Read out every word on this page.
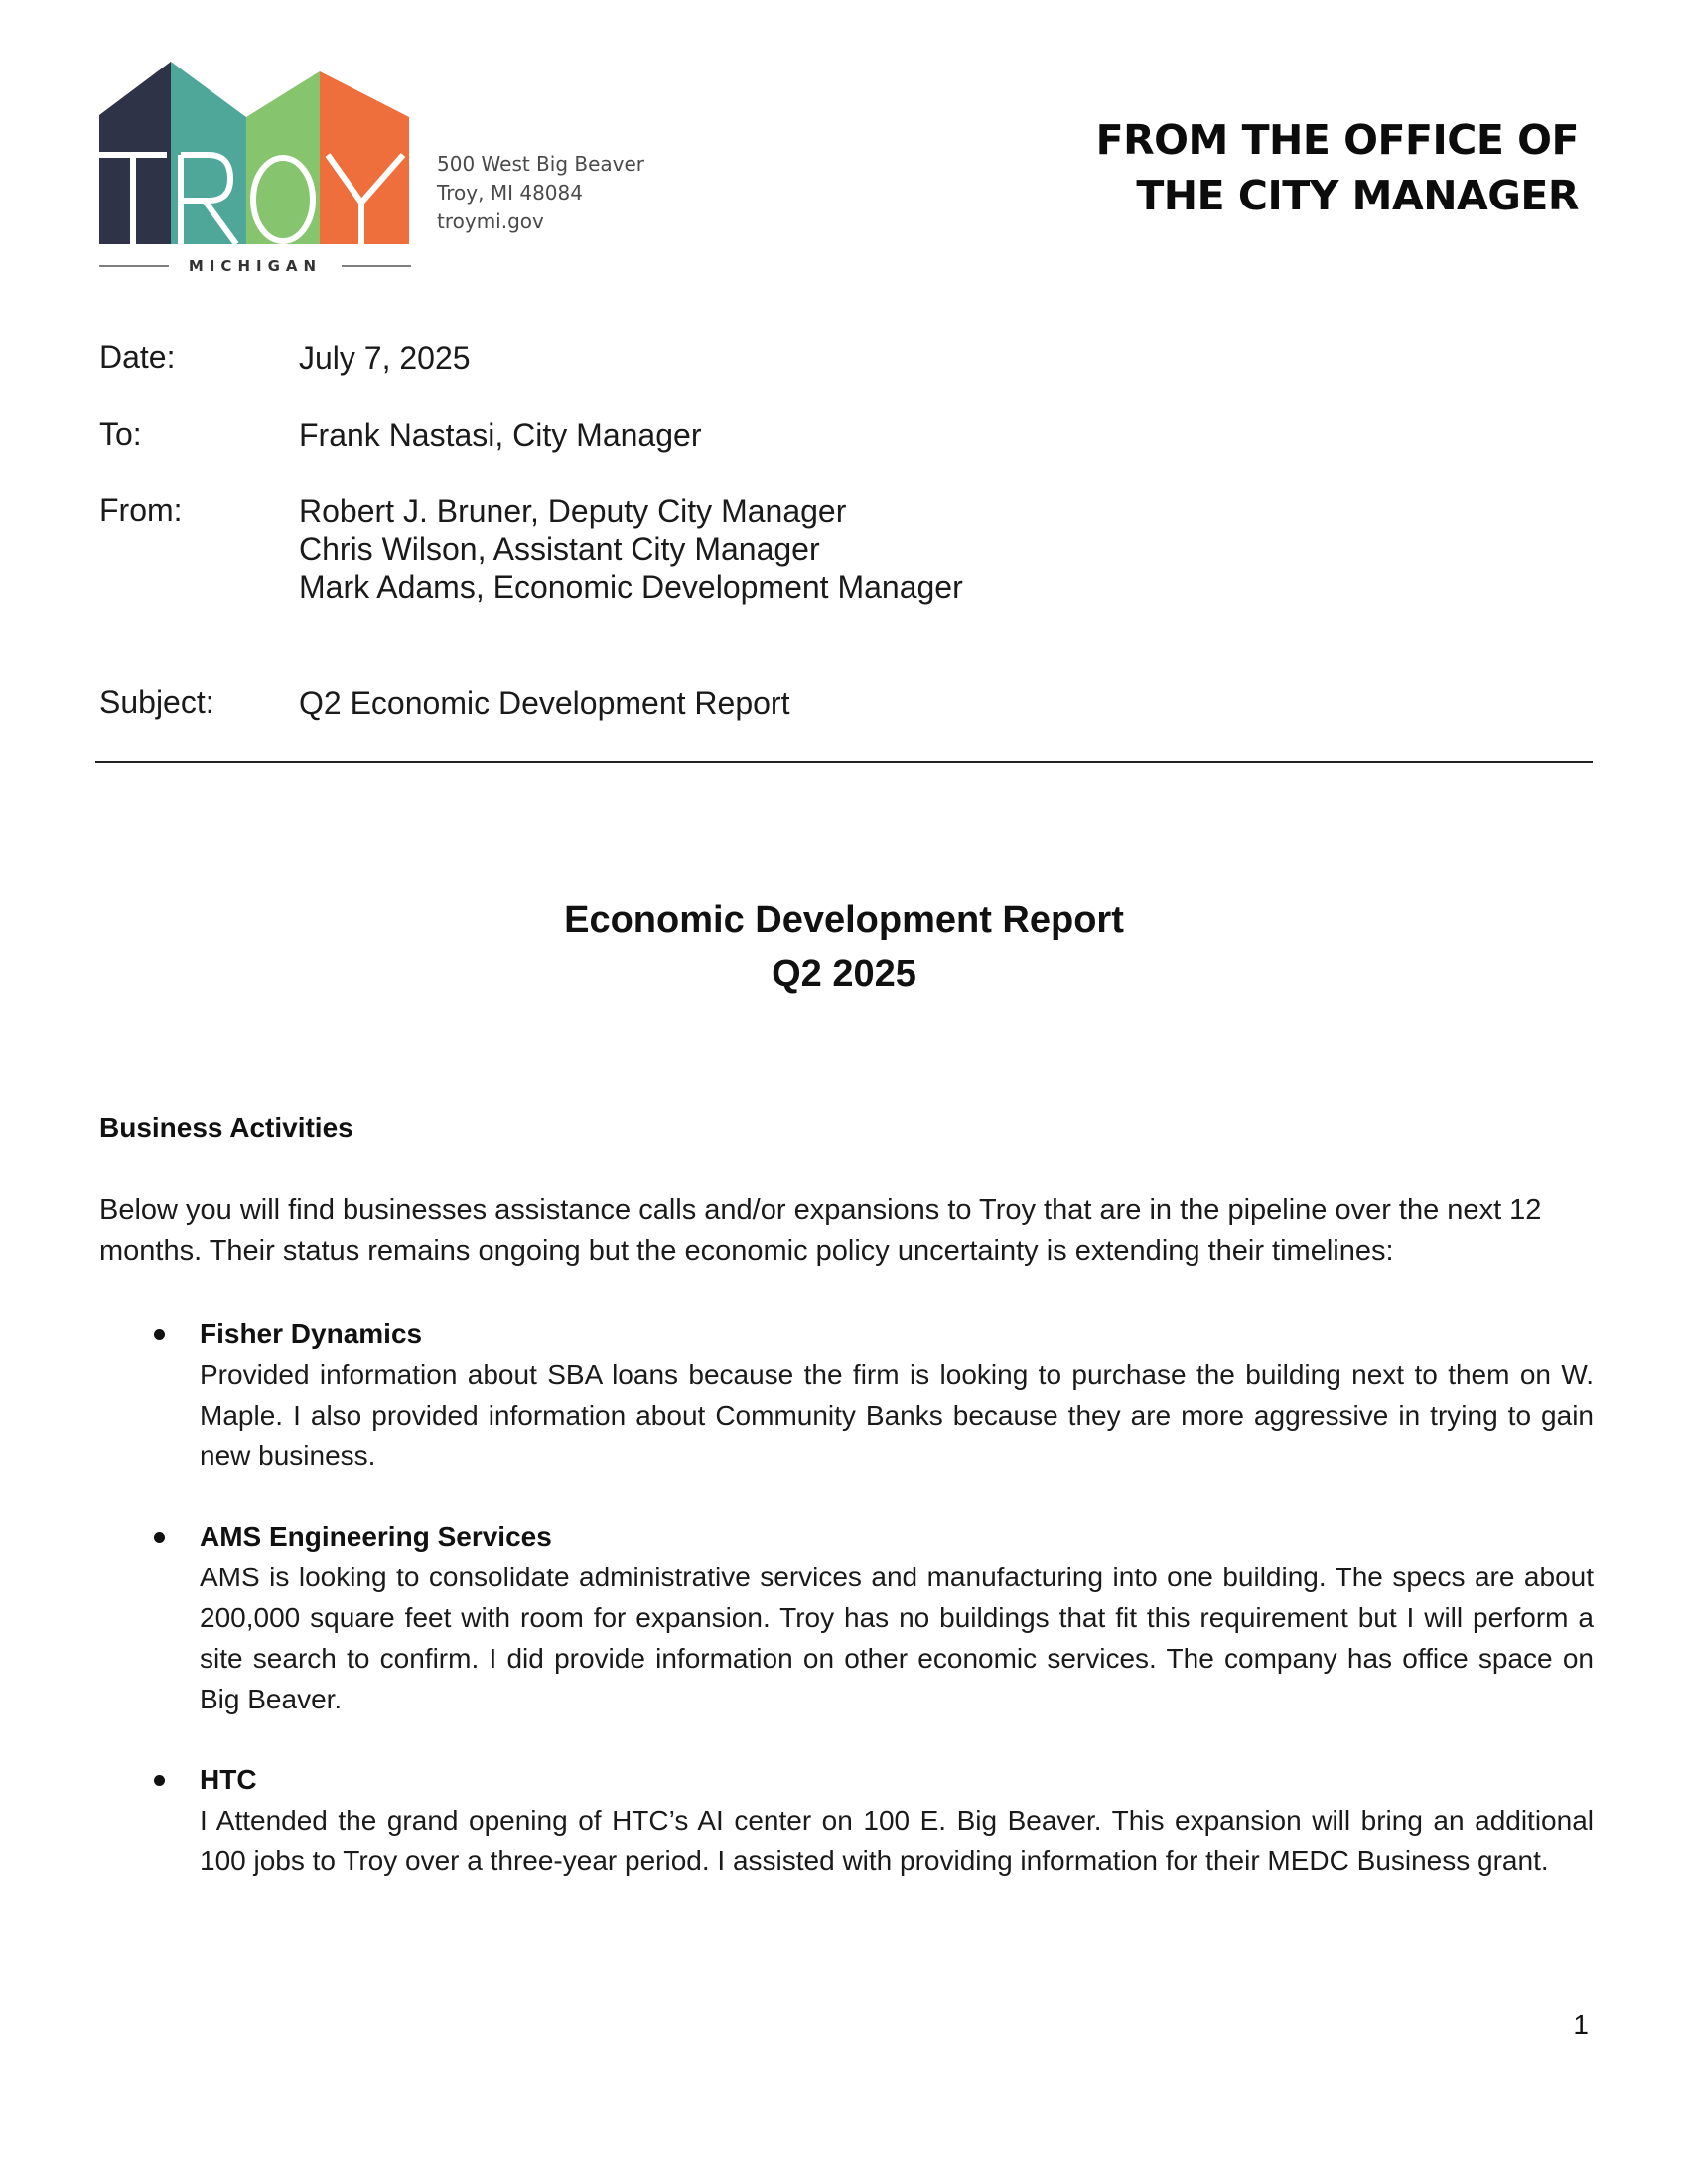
MICHIGAN
500 West Big Beaver
Troy, MI 48084
troymi.gov
FROM THE OFFICE OF
THE CITY MANAGER
Date:	July 7, 2025
To:	Frank Nastasi, City Manager
From:	Robert J. Bruner, Deputy City Manager
Chris Wilson, Assistant City Manager
Mark Adams, Economic Development Manager
Subject:	Q2 Economic Development Report
Economic Development Report
Q2 2025
Business Activities
Below you will find businesses assistance calls and/or expansions to Troy that are in the pipeline over the next 12 months. Their status remains ongoing but the economic policy uncertainty is extending their timelines:
Fisher Dynamics
Provided information about SBA loans because the firm is looking to purchase the building next to them on W. Maple. I also provided information about Community Banks because they are more aggressive in trying to gain new business.
AMS Engineering Services
AMS is looking to consolidate administrative services and manufacturing into one building. The specs are about 200,000 square feet with room for expansion. Troy has no buildings that fit this requirement but I will perform a site search to confirm. I did provide information on other economic services. The company has office space on Big Beaver.
HTC
I Attended the grand opening of HTC’s AI center on 100 E. Big Beaver. This expansion will bring an additional 100 jobs to Troy over a three-year period. I assisted with providing information for their MEDC Business grant.
1
